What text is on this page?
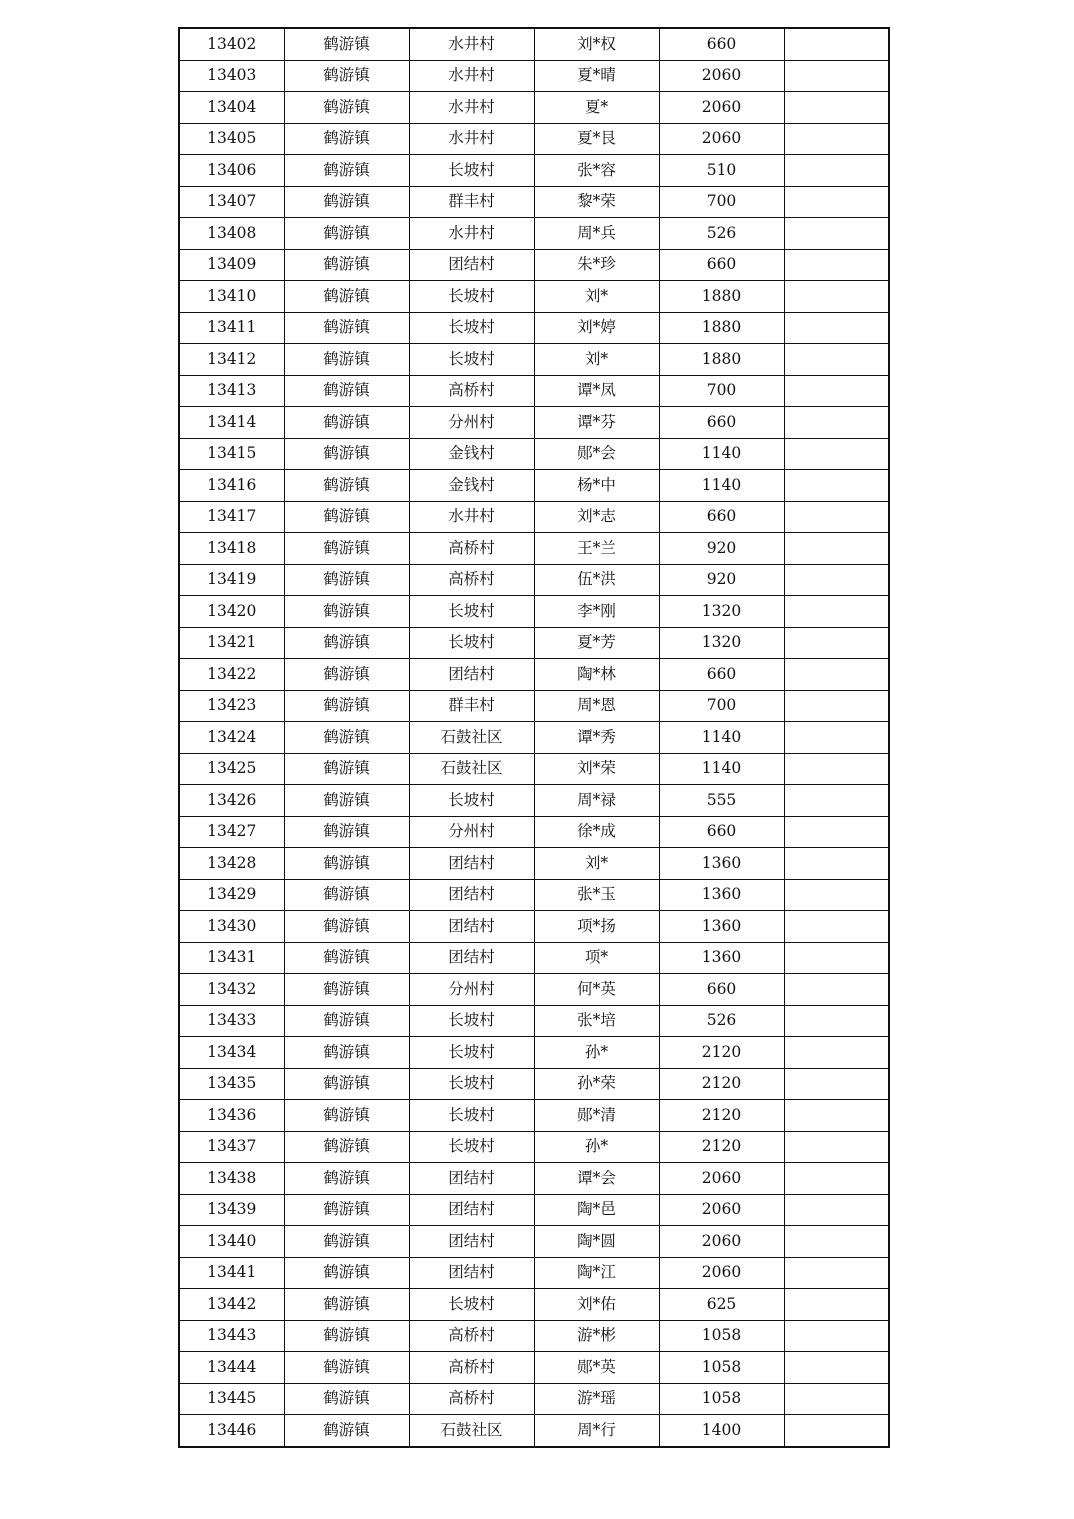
13402	鹤游镇	水井村	刘*权	660	
13403	鹤游镇	水井村	夏*晴	2060	
13404	鹤游镇	水井村	夏*	2060	
13405	鹤游镇	水井村	夏*艮	2060	
13406	鹤游镇	长坡村	张*容	510	
13407	鹤游镇	群丰村	黎*荣	700	
13408	鹤游镇	水井村	周*兵	526	
13409	鹤游镇	团结村	朱*珍	660	
13410	鹤游镇	长坡村	刘*	1880	
13411	鹤游镇	长坡村	刘*婷	1880	
13412	鹤游镇	长坡村	刘*	1880	
13413	鹤游镇	高桥村	谭*凤	700	
13414	鹤游镇	分州村	谭*芬	660	
13415	鹤游镇	金钱村	郧*会	1140	
13416	鹤游镇	金钱村	杨*中	1140	
13417	鹤游镇	水井村	刘*志	660	
13418	鹤游镇	高桥村	王*兰	920	
13419	鹤游镇	高桥村	伍*洪	920	
13420	鹤游镇	长坡村	李*刚	1320	
13421	鹤游镇	长坡村	夏*芳	1320	
13422	鹤游镇	团结村	陶*林	660	
13423	鹤游镇	群丰村	周*恩	700	
13424	鹤游镇	石鼓社区	谭*秀	1140	
13425	鹤游镇	石鼓社区	刘*荣	1140	
13426	鹤游镇	长坡村	周*禄	555	
13427	鹤游镇	分州村	徐*成	660	
13428	鹤游镇	团结村	刘*	1360	
13429	鹤游镇	团结村	张*玉	1360	
13430	鹤游镇	团结村	项*扬	1360	
13431	鹤游镇	团结村	项*	1360	
13432	鹤游镇	分州村	何*英	660	
13433	鹤游镇	长坡村	张*培	526	
13434	鹤游镇	长坡村	孙*	2120	
13435	鹤游镇	长坡村	孙*荣	2120	
13436	鹤游镇	长坡村	郧*清	2120	
13437	鹤游镇	长坡村	孙*	2120	
13438	鹤游镇	团结村	谭*会	2060	
13439	鹤游镇	团结村	陶*邑	2060	
13440	鹤游镇	团结村	陶*圆	2060	
13441	鹤游镇	团结村	陶*江	2060	
13442	鹤游镇	长坡村	刘*佑	625	
13443	鹤游镇	高桥村	游*彬	1058	
13444	鹤游镇	高桥村	郧*英	1058	
13445	鹤游镇	高桥村	游*瑶	1058	
13446	鹤游镇	石鼓社区	周*行	1400	
